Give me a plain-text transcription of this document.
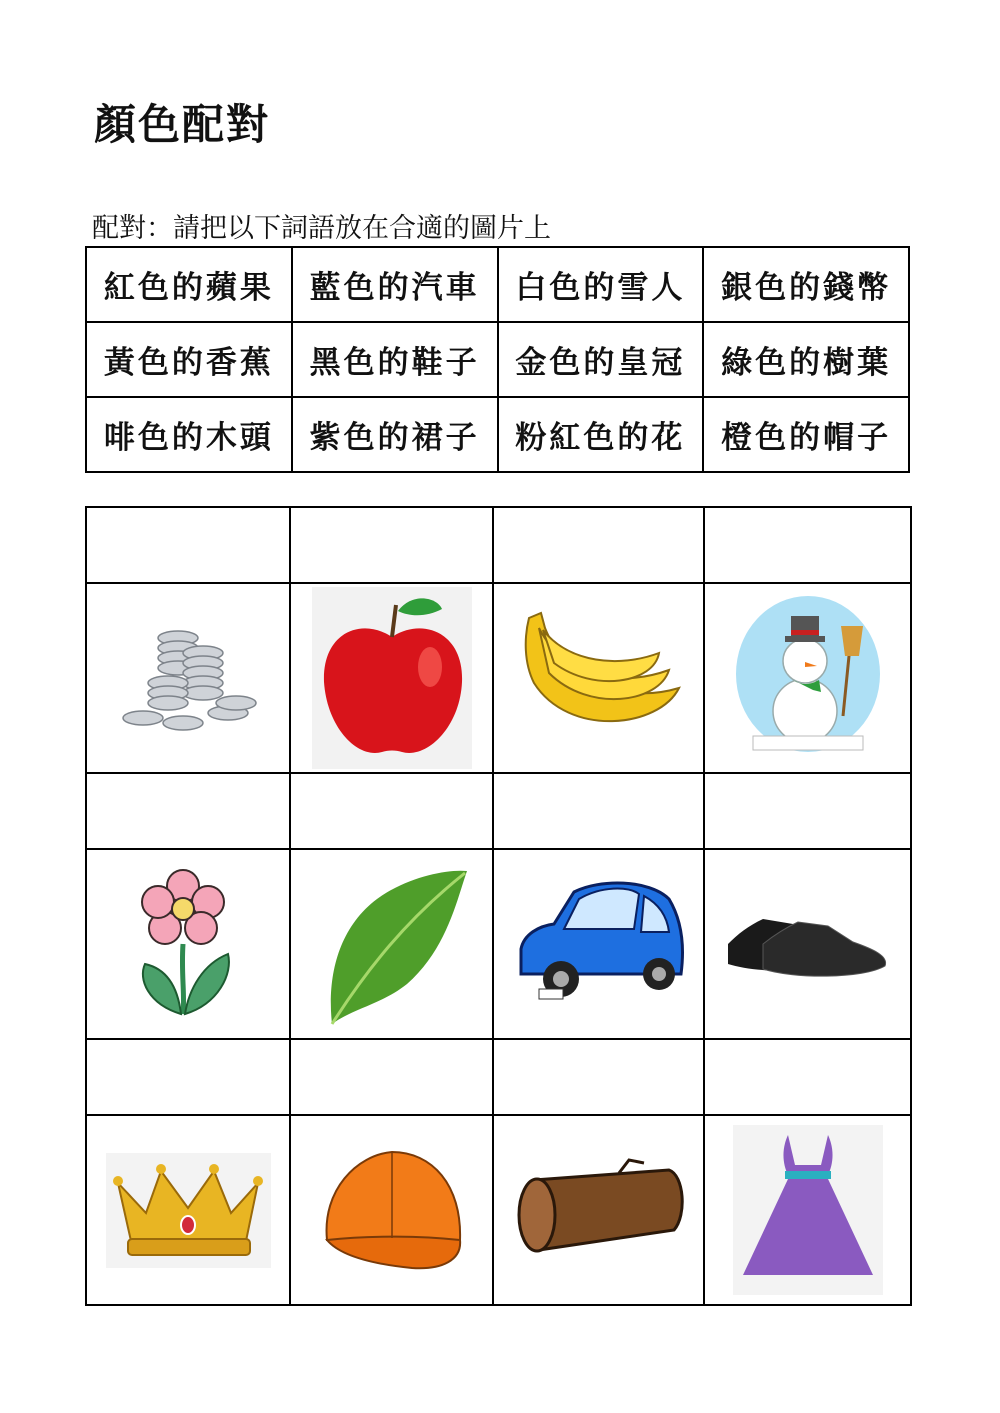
顏色配對
配對：請把以下詞語放在合適的圖片上
紅色的蘋果	藍色的汽車	白色的雪人	銀色的錢幣
黃色的香蕉	黑色的鞋子	金色的皇冠	綠色的樹葉
啡色的木頭	紫色的裙子	粉紅色的花	橙色的帽子
